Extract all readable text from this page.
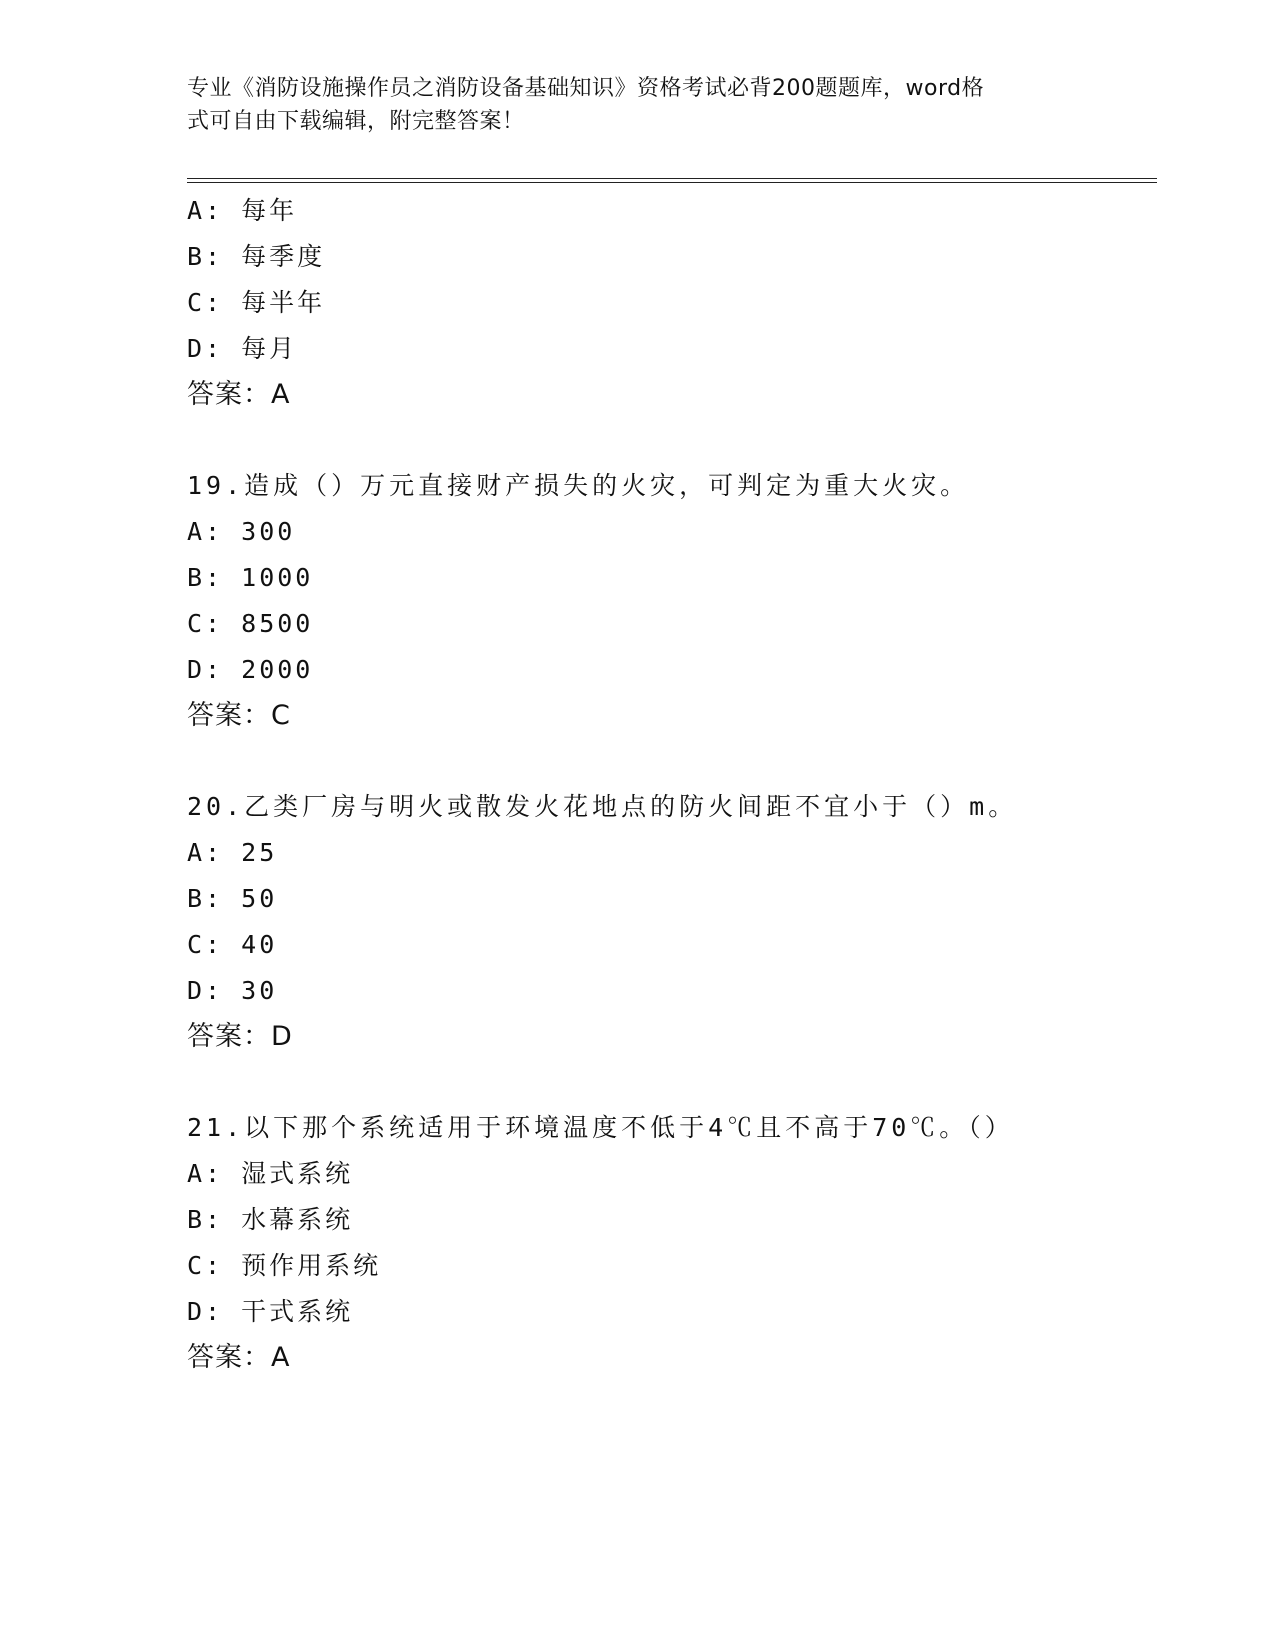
专业《消防设施操作员之消防设备基础知识》资格考试必背200题题库，word格
式可自由下载编辑，附完整答案！
A: 每年
B: 每季度
C: 每半年
D: 每月
答案：A
19.造成（）万元直接财产损失的火灾，可判定为重大火灾。
A: 300
B: 1000
C: 8500
D: 2000
答案：C
20.乙类厂房与明火或散发火花地点的防火间距不宜小于（）m。
A: 25
B: 50
C: 40
D: 30
答案：D
21.以下那个系统适用于环境温度不低于4℃且不高于70℃。（）
A: 湿式系统
B: 水幕系统
C: 预作用系统
D: 干式系统
答案：A
